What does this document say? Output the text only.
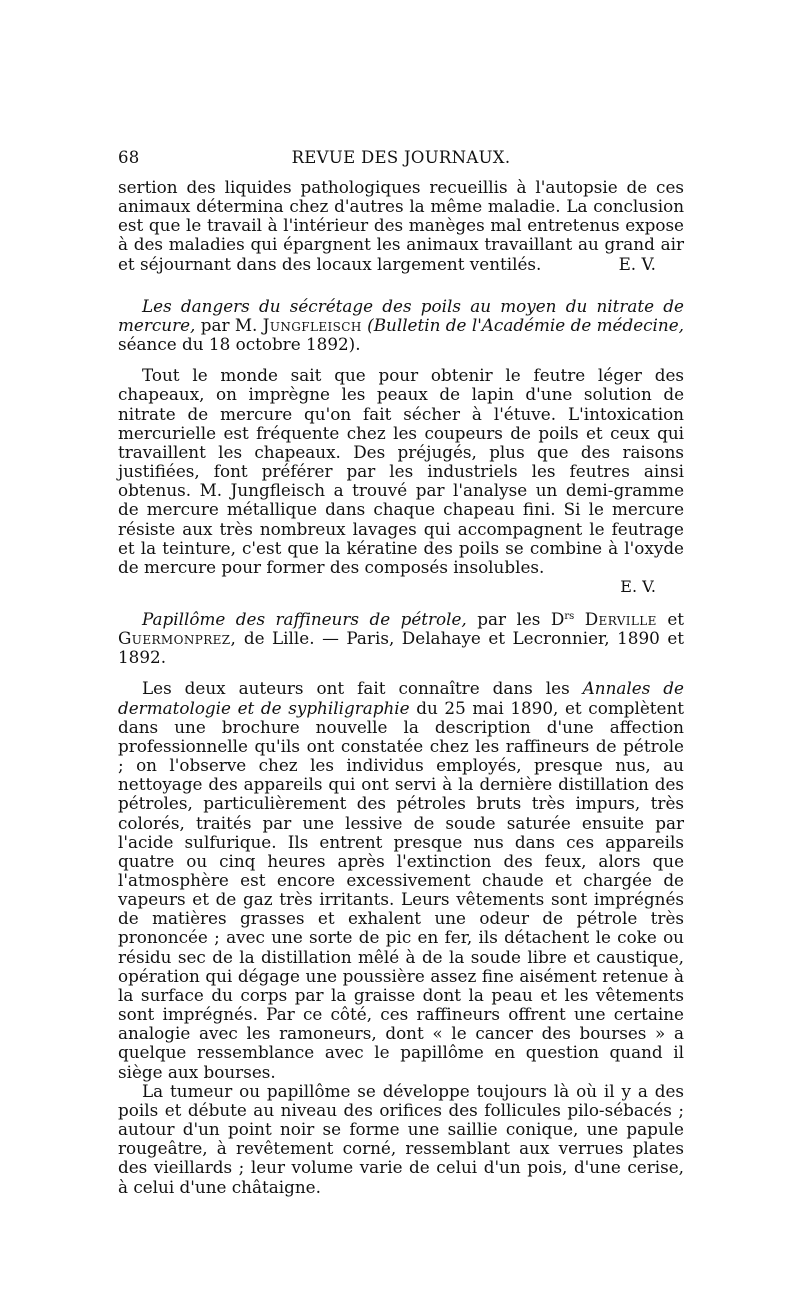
68	REVUE DES JOURNAUX.

sertion des liquides pathologiques recueillis à l'autopsie de ces animaux détermina chez d'autres la même maladie. La conclusion est que le travail à l'intérieur des manèges mal entretenus expose à des maladies qui épargnent les animaux travaillant au grand air et séjournant dans des locaux largement ventilés.	E. V.

Les dangers du sécrétage des poils au moyen du nitrate de mercure, par M. Jungfleisch (Bulletin de l'Académie de médecine, séance du 18 octobre 1892).

Tout le monde sait que pour obtenir le feutre léger des chapeaux, on imprègne les peaux de lapin d'une solution de nitrate de mercure qu'on fait sécher à l'étuve. L'intoxication mercurielle est fréquente chez les coupeurs de poils et ceux qui travaillent les chapeaux. Des préjugés, plus que des raisons justifiées, font préférer par les industriels les feutres ainsi obtenus. M. Jungfleisch a trouvé par l'analyse un demi-gramme de mercure métallique dans chaque chapeau fini. Si le mercure résiste aux très nombreux lavages qui accompagnent le feutrage et la teinture, c'est que la kératine des poils se combine à l'oxyde de mercure pour former des composés insolubles.

E. V.

Papillôme des raffineurs de pétrole, par les $D^{rs}$ Derville et Guermonprez, de Lille. — Paris, Delahaye et Lecronnier, 1890 et 1892.

Les deux auteurs ont fait connaître dans les Annales de dermatologie et de syphiligraphie du 25 mai 1890, et complètent dans une brochure nouvelle la description d'une affection professionnelle qu'ils ont constatée chez les raffineurs de pétrole ; on l'observe chez les individus employés, presque nus, au nettoyage des appareils qui ont servi à la dernière distillation des pétroles, particulièrement des pétroles bruts très impurs, très colorés, traités par une lessive de soude saturée ensuite par l'acide sulfurique. Ils entrent presque nus dans ces appareils quatre ou cinq heures après l'extinction des feux, alors que l'atmosphère est encore excessivement chaude et chargée de vapeurs et de gaz très irritants. Leurs vêtements sont imprégnés de matières grasses et exhalent une odeur de pétrole très prononcée ; avec une sorte de pic en fer, ils détachent le coke ou résidu sec de la distillation mêlé à de la soude libre et caustique, opération qui dégage une poussière assez fine aisément retenue à la surface du corps par la graisse dont la peau et les vêtements sont imprégnés. Par ce côté, ces raffineurs offrent une certaine analogie avec les ramoneurs, dont « le cancer des bourses » a quelque ressemblance avec le papillôme en question quand il siège aux bourses.

La tumeur ou papillôme se développe toujours là où il y a des poils et débute au niveau des orifices des follicules pilo-sébacés ; autour d'un point noir se forme une saillie conique, une papule rougeâtre, à revêtement corné, ressemblant aux verrues plates des vieillards ; leur volume varie de celui d'un pois, d'une cerise, à celui d'une châtaigne.
